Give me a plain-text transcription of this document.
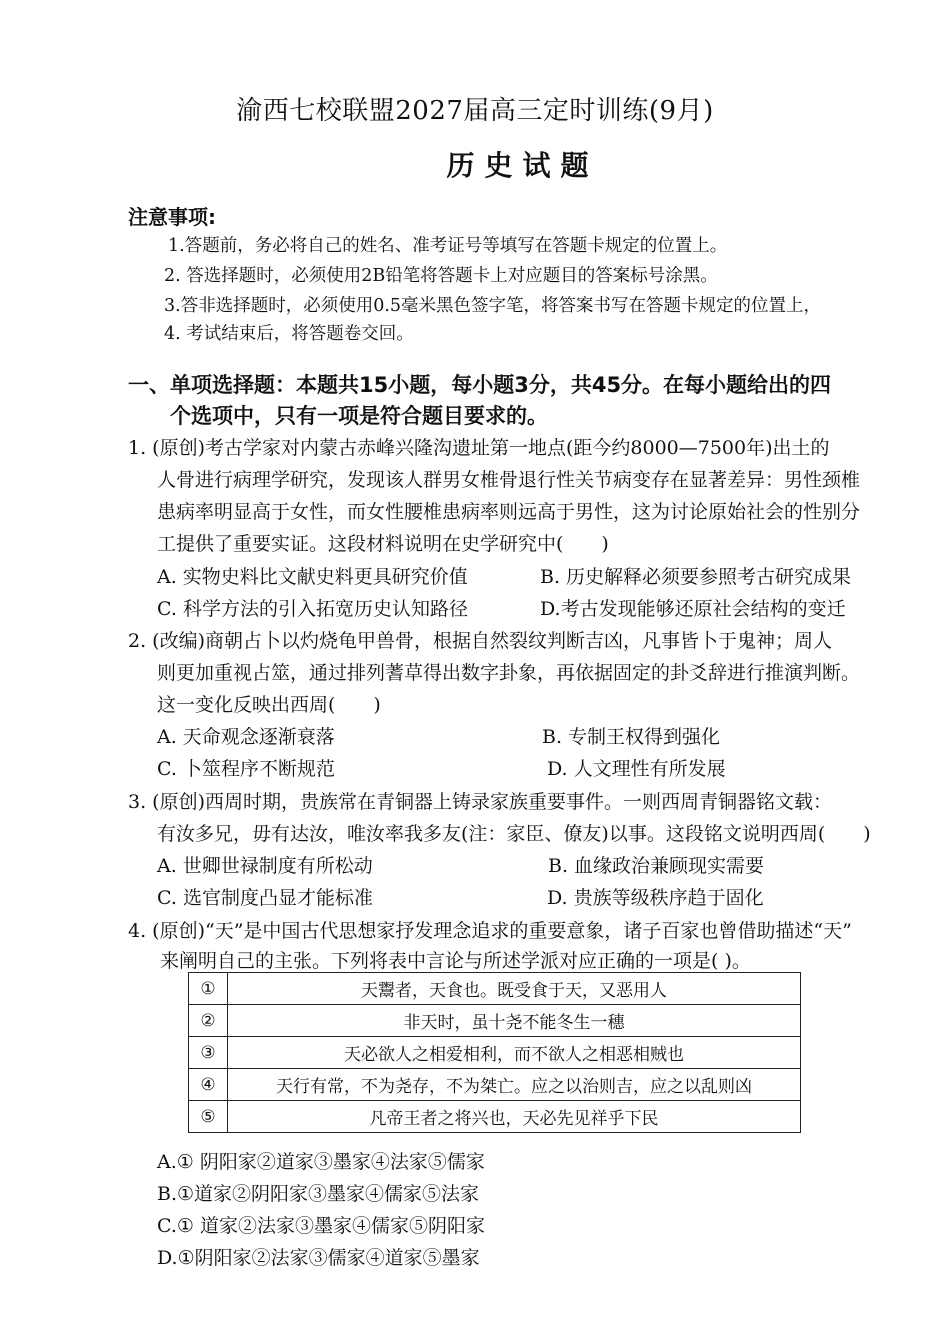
渝西七校联盟2027届高三定时训练(9月)
历史试题
注意事项:
1.答题前，务必将自己的姓名、准考证号等填写在答题卡规定的位置上。
2. 答选择题时，必须使用2B铅笔将答题卡上对应题目的答案标号涂黑。
3.答非选择题时，必须使用0.5毫米黑色签字笔，将答案书写在答题卡规定的位置上，
4. 考试结束后，将答题卷交回。
一、单项选择题：本题共15小题，每小题3分，共45分。在每小题给出的四
个选项中，只有一项是符合题目要求的。
1. (原创)考古学家对内蒙古赤峰兴隆沟遗址第一地点(距今约8000—7500年)出土的
人骨进行病理学研究，发现该人群男女椎骨退行性关节病变存在显著差异：男性颈椎
患病率明显高于女性，而女性腰椎患病率则远高于男性，这为讨论原始社会的性别分
工提供了重要实证。这段材料说明在史学研究中(　　)
A. 实物史料比文献史料更具研究价值	B. 历史解释必须要参照考古研究成果
C. 科学方法的引入拓宽历史认知路径	D.考古发现能够还原社会结构的变迁
2. (改编)商朝占卜以灼烧龟甲兽骨，根据自然裂纹判断吉凶，凡事皆卜于鬼神；周人
则更加重视占筮，通过排列蓍草得出数字卦象，再依据固定的卦爻辞进行推演判断。
这一变化反映出西周(　　)
A. 天命观念逐渐衰落	B. 专制王权得到强化
C. 卜筮程序不断规范	D. 人文理性有所发展
3. (原创)西周时期，贵族常在青铜器上铸录家族重要事件。一则西周青铜器铭文载：
有汝多兄，毋有达汝，唯汝率我多友(注：家臣、僚友)以事。这段铭文说明西周(　　)
A. 世卿世禄制度有所松动	B. 血缘政治兼顾现实需要
C. 选官制度凸显才能标准	D. 贵族等级秩序趋于固化
4. (原创)“天”是中国古代思想家抒发理念追求的重要意象，诸子百家也曾借助描述“天”
来阐明自己的主张。下列将表中言论与所述学派对应正确的一项是( )。
①	天鬻者，天食也。既受食于天，又恶用人
②	非天时，虽十尧不能冬生一穗
③	天必欲人之相爱相利，而不欲人之相恶相贼也
④	天行有常，不为尧存，不为桀亡。应之以治则吉，应之以乱则凶
⑤	凡帝王者之将兴也，天必先见祥乎下民
A.① 阴阳家②道家③墨家④法家⑤儒家
B.①道家②阴阳家③墨家④儒家⑤法家
C.① 道家②法家③墨家④儒家⑤阴阳家
D.①阴阳家②法家③儒家④道家⑤墨家
